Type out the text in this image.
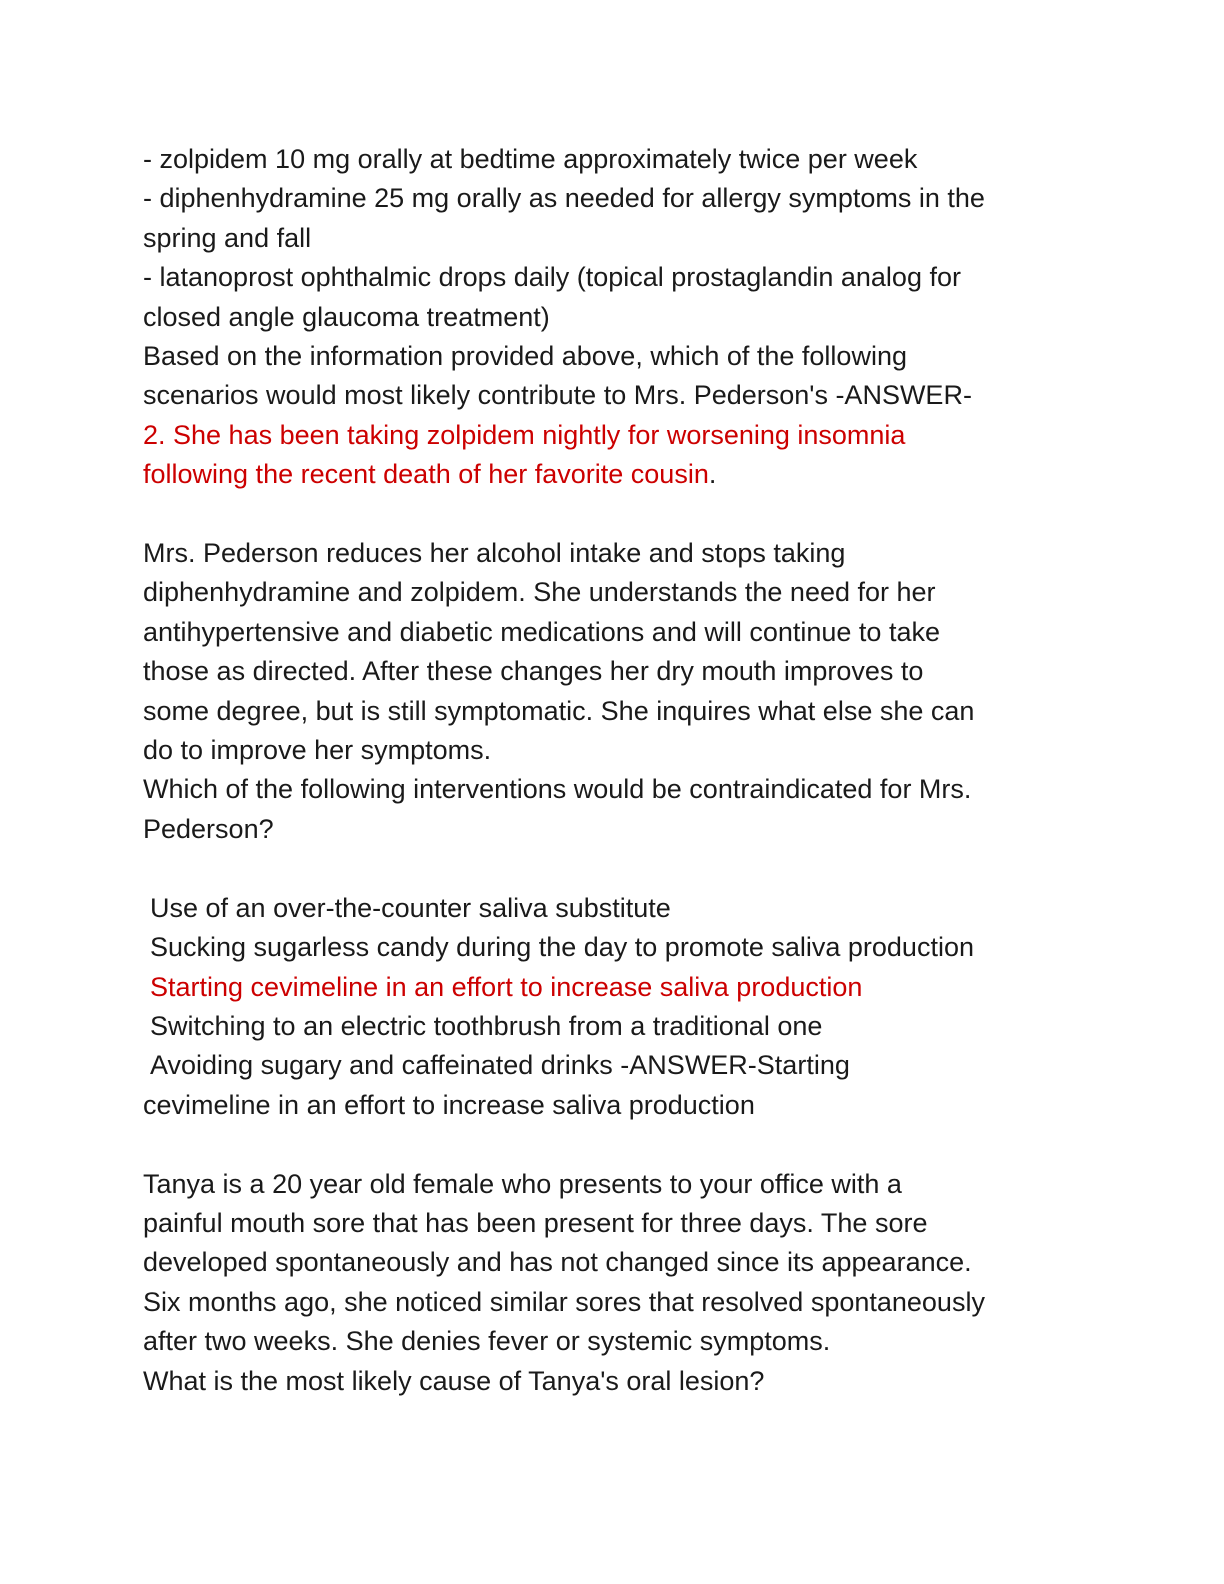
- zolpidem 10 mg orally at bedtime approximately twice per week
- diphenhydramine 25 mg orally as needed for allergy symptoms in the
spring and fall
- latanoprost ophthalmic drops daily (topical prostaglandin analog for
closed angle glaucoma treatment)
Based on the information provided above, which of the following
scenarios would most likely contribute to Mrs. Pederson's -ANSWER-
2. She has been taking zolpidem nightly for worsening insomnia
following the recent death of her favorite cousin.
Mrs. Pederson reduces her alcohol intake and stops taking
diphenhydramine and zolpidem. She understands the need for her
antihypertensive and diabetic medications and will continue to take
those as directed. After these changes her dry mouth improves to
some degree, but is still symptomatic. She inquires what else she can
do to improve her symptoms.
Which of the following interventions would be contraindicated for Mrs.
Pederson?
Use of an over-the-counter saliva substitute
Sucking sugarless candy during the day to promote saliva production
Starting cevimeline in an effort to increase saliva production
Switching to an electric toothbrush from a traditional one
Avoiding sugary and caffeinated drinks -ANSWER-Starting
cevimeline in an effort to increase saliva production
Tanya is a 20 year old female who presents to your office with a
painful mouth sore that has been present for three days. The sore
developed spontaneously and has not changed since its appearance.
Six months ago, she noticed similar sores that resolved spontaneously
after two weeks. She denies fever or systemic symptoms.
What is the most likely cause of Tanya's oral lesion?
